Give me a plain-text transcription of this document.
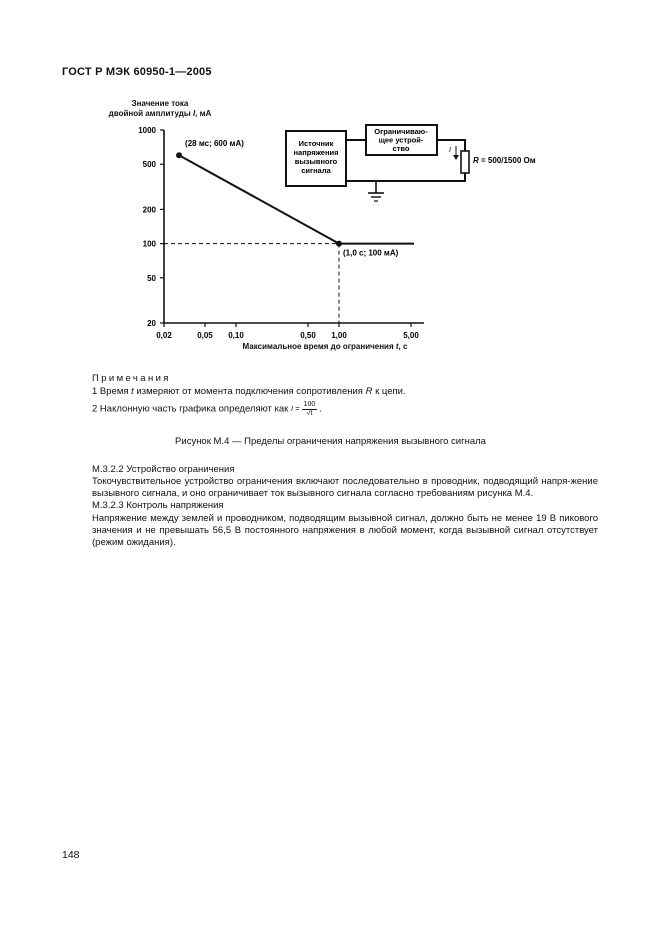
ГОСТ Р МЭК 60950-1—2005
Значение тока
двойной амплитуды I, мА
20
50
100
200
500
1000
0,02	0,05 0,10	0,50 1,00	5,00
(28 мс; 600 мА)
(1,0 с; 100 мА)
Источник напряжения вызывного сигнала
Ограничиваю-щее устрой-ство	I
R = 500/1500 Ом
Максимальное время до ограничения t, с
Примечания
1 Время t измеряют от момента подключения сопротивления R к цепи.
2 Наклонную часть графика определяют как $I = \frac{100}{√t}$ .
Рисунок М.4 — Пределы ограничения напряжения вызывного сигнала
М.3.2.2 Устройство ограничения
Токочувствительное устройство ограничения включают последовательно в проводник, подводящий напря-жение вызывного сигнала, и оно ограничивает ток вызывного сигнала согласно требованиям рисунка М.4.
М.3.2.3 Контроль напряжения
Напряжение между землей и проводником, подводящим вызывной сигнал, должно быть не менее 19 В пикового значения и не превышать 56,5 В постоянного напряжения в любой момент, когда вызывной сигнал отсутствует (режим ожидания).
148
